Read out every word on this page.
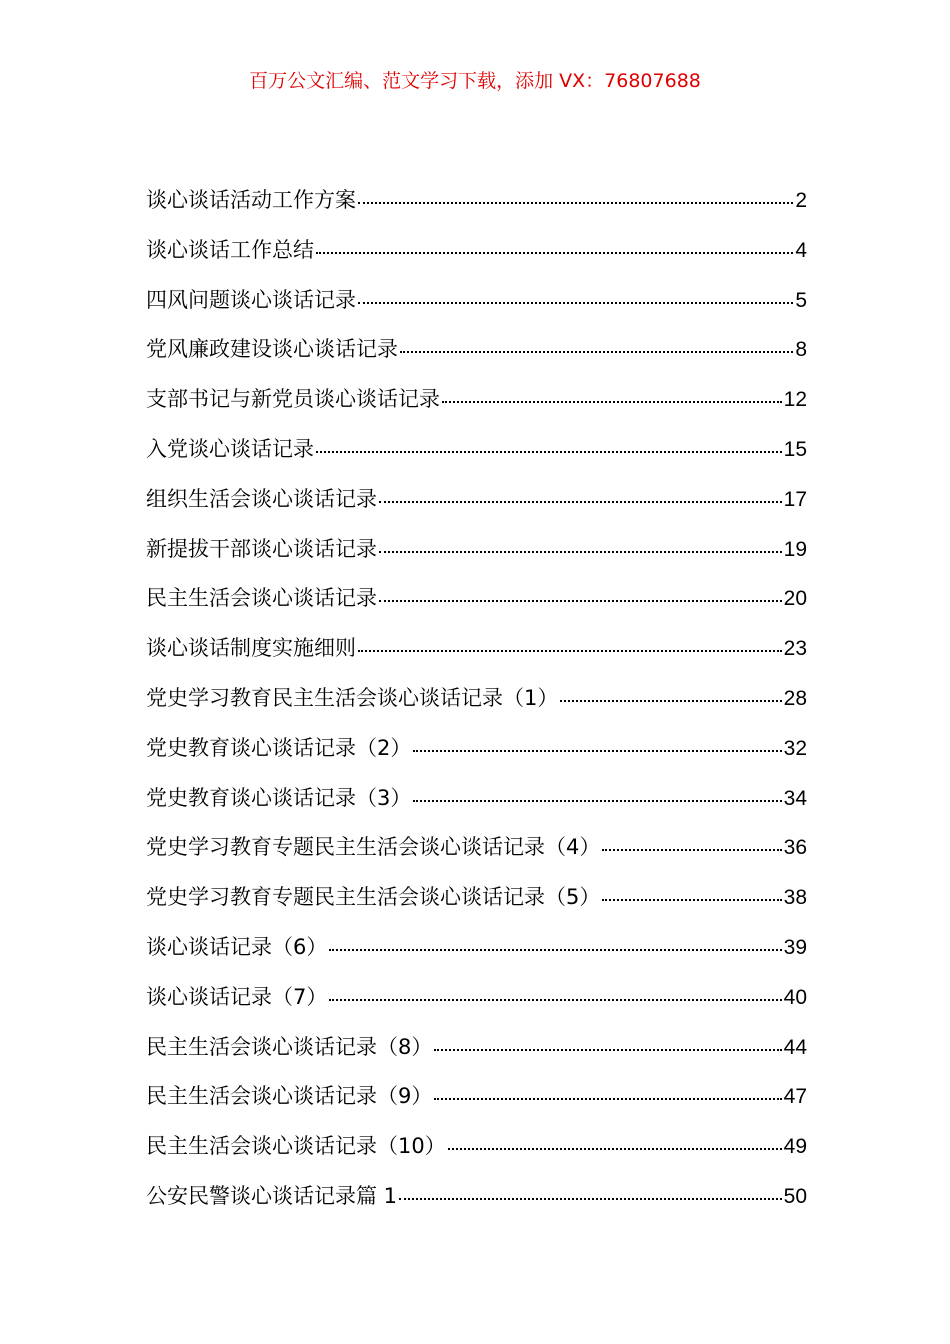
百万公文汇编、范文学习下载，添加 VX：76807688
谈心谈话活动工作方案	2
谈心谈话工作总结	4
四风问题谈心谈话记录	5
党风廉政建设谈心谈话记录	8
支部书记与新党员谈心谈话记录	12
入党谈心谈话记录	15
组织生活会谈心谈话记录	17
新提拔干部谈心谈话记录	19
民主生活会谈心谈话记录	20
谈心谈话制度实施细则	23
党史学习教育民主生活会谈心谈话记录（1）	28
党史教育谈心谈话记录（2）	32
党史教育谈心谈话记录（3）	34
党史学习教育专题民主生活会谈心谈话记录（4）	36
党史学习教育专题民主生活会谈心谈话记录（5）	38
谈心谈话记录（6）	39
谈心谈话记录（7）	40
民主生活会谈心谈话记录（8）	44
民主生活会谈心谈话记录（9）	47
民主生活会谈心谈话记录（10）	49
公安民警谈心谈话记录篇 1	50
